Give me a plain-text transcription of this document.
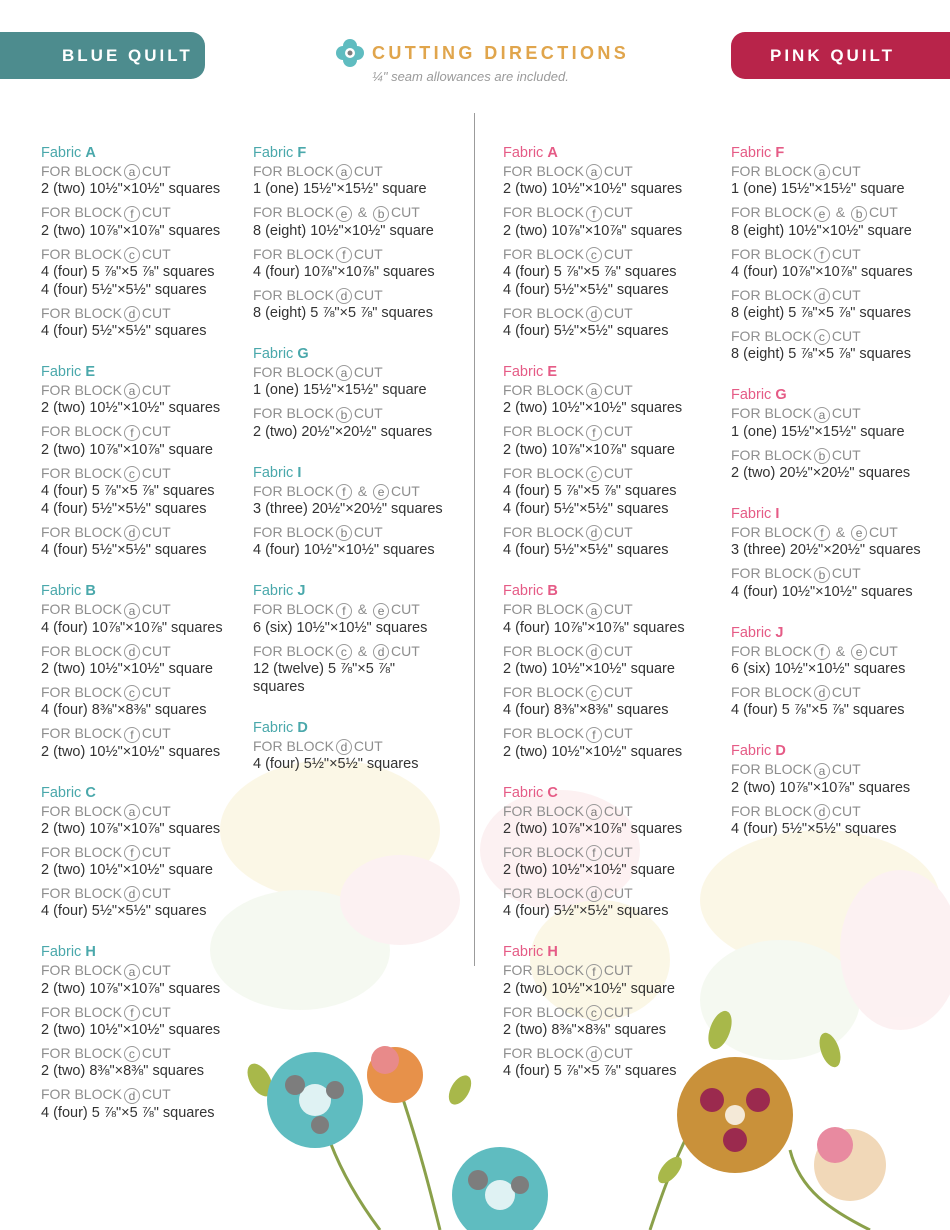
BLUE QUILT	PINK QUILT
CUTTING DIRECTIONS
¼" seam allowances are included.
Fabric A
FOR BLOCK a CUT
2 (two) 10½"×10½" squares
FOR BLOCK f CUT
2 (two) 10⅞"×10⅞" squares
FOR BLOCK c CUT
4 (four) 5 ⅞"×5 ⅞" squares
4 (four) 5½"×5½" squares
FOR BLOCK d CUT
4 (four) 5½"×5½" squares
Fabric E
FOR BLOCK a CUT
2 (two) 10½"×10½" squares
FOR BLOCK f CUT
2 (two) 10⅞"×10⅞" square
FOR BLOCK c CUT
4 (four) 5 ⅞"×5 ⅞" squares
4 (four) 5½"×5½" squares
FOR BLOCK d CUT
4 (four) 5½"×5½" squares
Fabric B
FOR BLOCK a CUT
4 (four) 10⅞"×10⅞" squares
FOR BLOCK d CUT
2 (two) 10½"×10½" square
FOR BLOCK c CUT
4 (four) 8⅜"×8⅜" squares
FOR BLOCK f CUT
2 (two) 10½"×10½" squares
Fabric C
FOR BLOCK a CUT
2 (two) 10⅞"×10⅞" squares
FOR BLOCK f CUT
2 (two) 10½"×10½" square
FOR BLOCK d CUT
4 (four) 5½"×5½" squares
Fabric H
FOR BLOCK a CUT
2 (two) 10⅞"×10⅞" squares
FOR BLOCK f CUT
2 (two) 10½"×10½" squares
FOR BLOCK c CUT
2 (two) 8⅜"×8⅜" squares
FOR BLOCK d CUT
4 (four) 5 ⅞"×5 ⅞" squares
Fabric F
FOR BLOCK a CUT
1 (one) 15½"×15½" square
FOR BLOCK e & b CUT
8 (eight) 10½"×10½" square
FOR BLOCK f CUT
4 (four) 10⅞"×10⅞" squares
FOR BLOCK d CUT
8 (eight) 5 ⅞"×5 ⅞" squares
Fabric G
FOR BLOCK a CUT
1 (one) 15½"×15½" square
FOR BLOCK b CUT
2 (two) 20½"×20½" squares
Fabric I
FOR BLOCK f & e CUT
3 (three) 20½"×20½" squares
FOR BLOCK b CUT
4 (four) 10½"×10½" squares
Fabric J
FOR BLOCK f & e CUT
6 (six) 10½"×10½" squares
FOR BLOCK c & d CUT
12 (twelve) 5 ⅞"×5 ⅞"
squares
Fabric D
FOR BLOCK d CUT
4 (four) 5½"×5½" squares
Fabric A
FOR BLOCK a CUT
2 (two) 10½"×10½" squares
FOR BLOCK f CUT
2 (two) 10⅞"×10⅞" squares
FOR BLOCK c CUT
4 (four) 5 ⅞"×5 ⅞" squares
4 (four) 5½"×5½" squares
FOR BLOCK d CUT
4 (four) 5½"×5½" squares
Fabric E
FOR BLOCK a CUT
2 (two) 10½"×10½" squares
FOR BLOCK f CUT
2 (two) 10⅞"×10⅞" square
FOR BLOCK c CUT
4 (four) 5 ⅞"×5 ⅞" squares
4 (four) 5½"×5½" squares
FOR BLOCK d CUT
4 (four) 5½"×5½" squares
Fabric B
FOR BLOCK a CUT
4 (four) 10⅞"×10⅞" squares
FOR BLOCK d CUT
2 (two) 10½"×10½" square
FOR BLOCK c CUT
4 (four) 8⅜"×8⅜" squares
FOR BLOCK f CUT
2 (two) 10½"×10½" squares
Fabric C
FOR BLOCK a CUT
2 (two) 10⅞"×10⅞" squares
FOR BLOCK f CUT
2 (two) 10½"×10½" square
FOR BLOCK d CUT
4 (four) 5½"×5½" squares
Fabric H
FOR BLOCK f CUT
2 (two) 10½"×10½" square
FOR BLOCK c CUT
2 (two) 8⅜"×8⅜" squares
FOR BLOCK d CUT
4 (four) 5 ⅞"×5 ⅞" squares
Fabric F
FOR BLOCK a CUT
1 (one) 15½"×15½" square
FOR BLOCK e & b CUT
8 (eight) 10½"×10½" square
FOR BLOCK f CUT
4 (four) 10⅞"×10⅞" squares
FOR BLOCK d CUT
8 (eight) 5 ⅞"×5 ⅞" squares
FOR BLOCK c CUT
8 (eight) 5 ⅞"×5 ⅞" squares
Fabric G
FOR BLOCK a CUT
1 (one) 15½"×15½" square
FOR BLOCK b CUT
2 (two) 20½"×20½" squares
Fabric I
FOR BLOCK f & e CUT
3 (three) 20½"×20½" squares
FOR BLOCK b CUT
4 (four) 10½"×10½" squares
Fabric J
FOR BLOCK f & e CUT
6 (six) 10½"×10½" squares
FOR BLOCK d CUT
4 (four) 5 ⅞"×5 ⅞" squares
Fabric D
FOR BLOCK a CUT
2 (two) 10⅞"×10⅞" squares
FOR BLOCK d CUT
4 (four) 5½"×5½" squares
